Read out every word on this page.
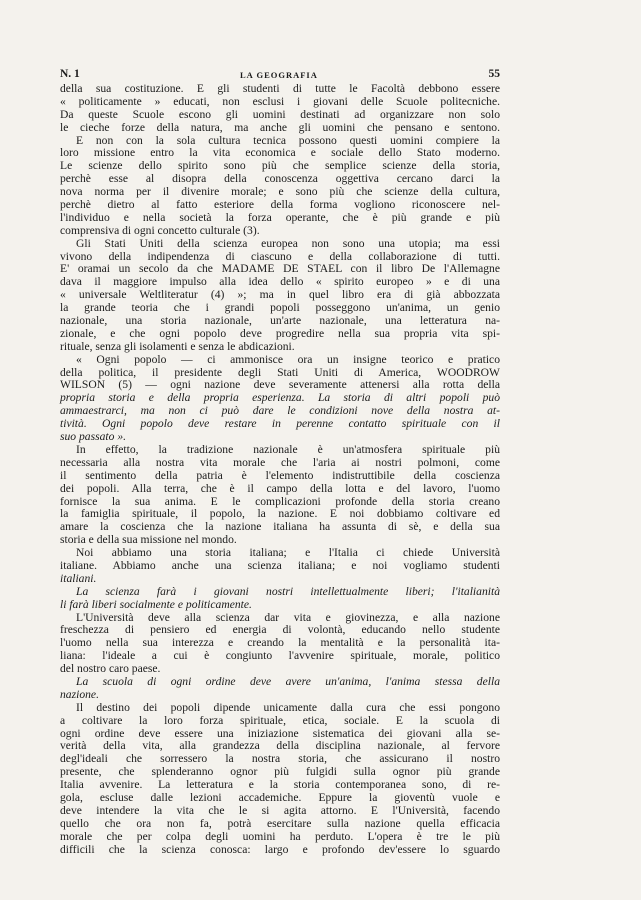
N. 1	LA GEOGRAFIA	55
della sua costituzione. E gli studenti di tutte le Facoltà debbono essere
« politicamente » educati, non esclusi i giovani delle Scuole politecniche.
Da queste Scuole escono gli uomini destinati ad organizzare non solo
le cieche forze della natura, ma anche gli uomini che pensano e sentono.
E non con la sola cultura tecnica possono questi uomini compiere la
loro missione entro la vita economica e sociale dello Stato moderno.
Le scienze dello spirito sono più che semplice scienze della storia,
perchè esse al disopra della conoscenza oggettiva cercano darci la
nova norma per il divenire morale; e sono più che scienze della cultura,
perchè dietro al fatto esteriore della forma vogliono riconoscere nel-
l'individuo e nella società la forza operante, che è più grande e più
comprensiva di ogni concetto culturale (3).
Gli Stati Uniti della scienza europea non sono una utopia; ma essi
vivono della indipendenza di ciascuno e della collaborazione di tutti.
E' oramai un secolo da che MADAME DE STAEL con il libro De l'Allemagne
dava il maggiore impulso alla idea dello « spirito europeo » e di una
« universale Weltliteratur (4) »; ma in quel libro era di già abbozzata
la grande teoria che i grandi popoli posseggono un'anima, un genio
nazionale, una storia nazionale, un'arte nazionale, una letteratura na-
zionale, e che ogni popolo deve progredire nella sua propria vita spi-
rituale, senza gli isolamenti e senza le abdicazioni.
« Ogni popolo — ci ammonisce ora un insigne teorico e pratico
della politica, il presidente degli Stati Uniti di America, WOODROW
WILSON (5) — ogni nazione deve severamente attenersi alla rotta della
propria storia e della propria esperienza. La storia di altri popoli può
ammaestrarci, ma non ci può dare le condizioni nove della nostra at-
tività. Ogni popolo deve restare in perenne contatto spirituale con il
suo passato ».
In effetto, la tradizione nazionale è un'atmosfera spirituale più
necessaria alla nostra vita morale che l'aria ai nostri polmoni, come
il sentimento della patria è l'elemento indistruttibile della coscienza
dei popoli. Alla terra, che è il campo della lotta e del lavoro, l'uomo
fornisce la sua anima. E le complicazioni profonde della storia creano
la famiglia spirituale, il popolo, la nazione. E noi dobbiamo coltivare ed
amare la coscienza che la nazione italiana ha assunta di sè, e della sua
storia e della sua missione nel mondo.
Noi abbiamo una storia italiana; e l'Italia ci chiede Università
italiane. Abbiamo anche una scienza italiana; e noi vogliamo studenti
italiani.
La scienza farà i giovani nostri intellettualmente liberi; l'italianità
li farà liberi socialmente e politicamente.
L'Università deve alla scienza dar vita e giovinezza, e alla nazione
freschezza di pensiero ed energia di volontà, educando nello studente
l'uomo nella sua interezza e creando la mentalità e la personalità ita-
liana: l'ideale a cui è congiunto l'avvenire spirituale, morale, politico
del nostro caro paese.
La scuola di ogni ordine deve avere un'anima, l'anima stessa della
nazione.
Il destino dei popoli dipende unicamente dalla cura che essi pongono
a coltivare la loro forza spirituale, etica, sociale. E la scuola di
ogni ordine deve essere una iniziazione sistematica dei giovani alla se-
verità della vita, alla grandezza della disciplina nazionale, al fervore
degl'ideali che sorressero la nostra storia, che assicurano il nostro
presente, che splenderanno ognor più fulgidi sulla ognor più grande
Italia avvenire. La letteratura e la storia contemporanea sono, di re-
gola, escluse dalle lezioni accademiche. Eppure la gioventù vuole e
deve intendere la vita che le si agita attorno. E l'Università, facendo
quello che ora non fa, potrà esercitare sulla nazione quella efficacia
morale che per colpa degli uomini ha perduto. L'opera è tre le più
difficili che la scienza conosca: largo e profondo dev'essere lo sguardo
